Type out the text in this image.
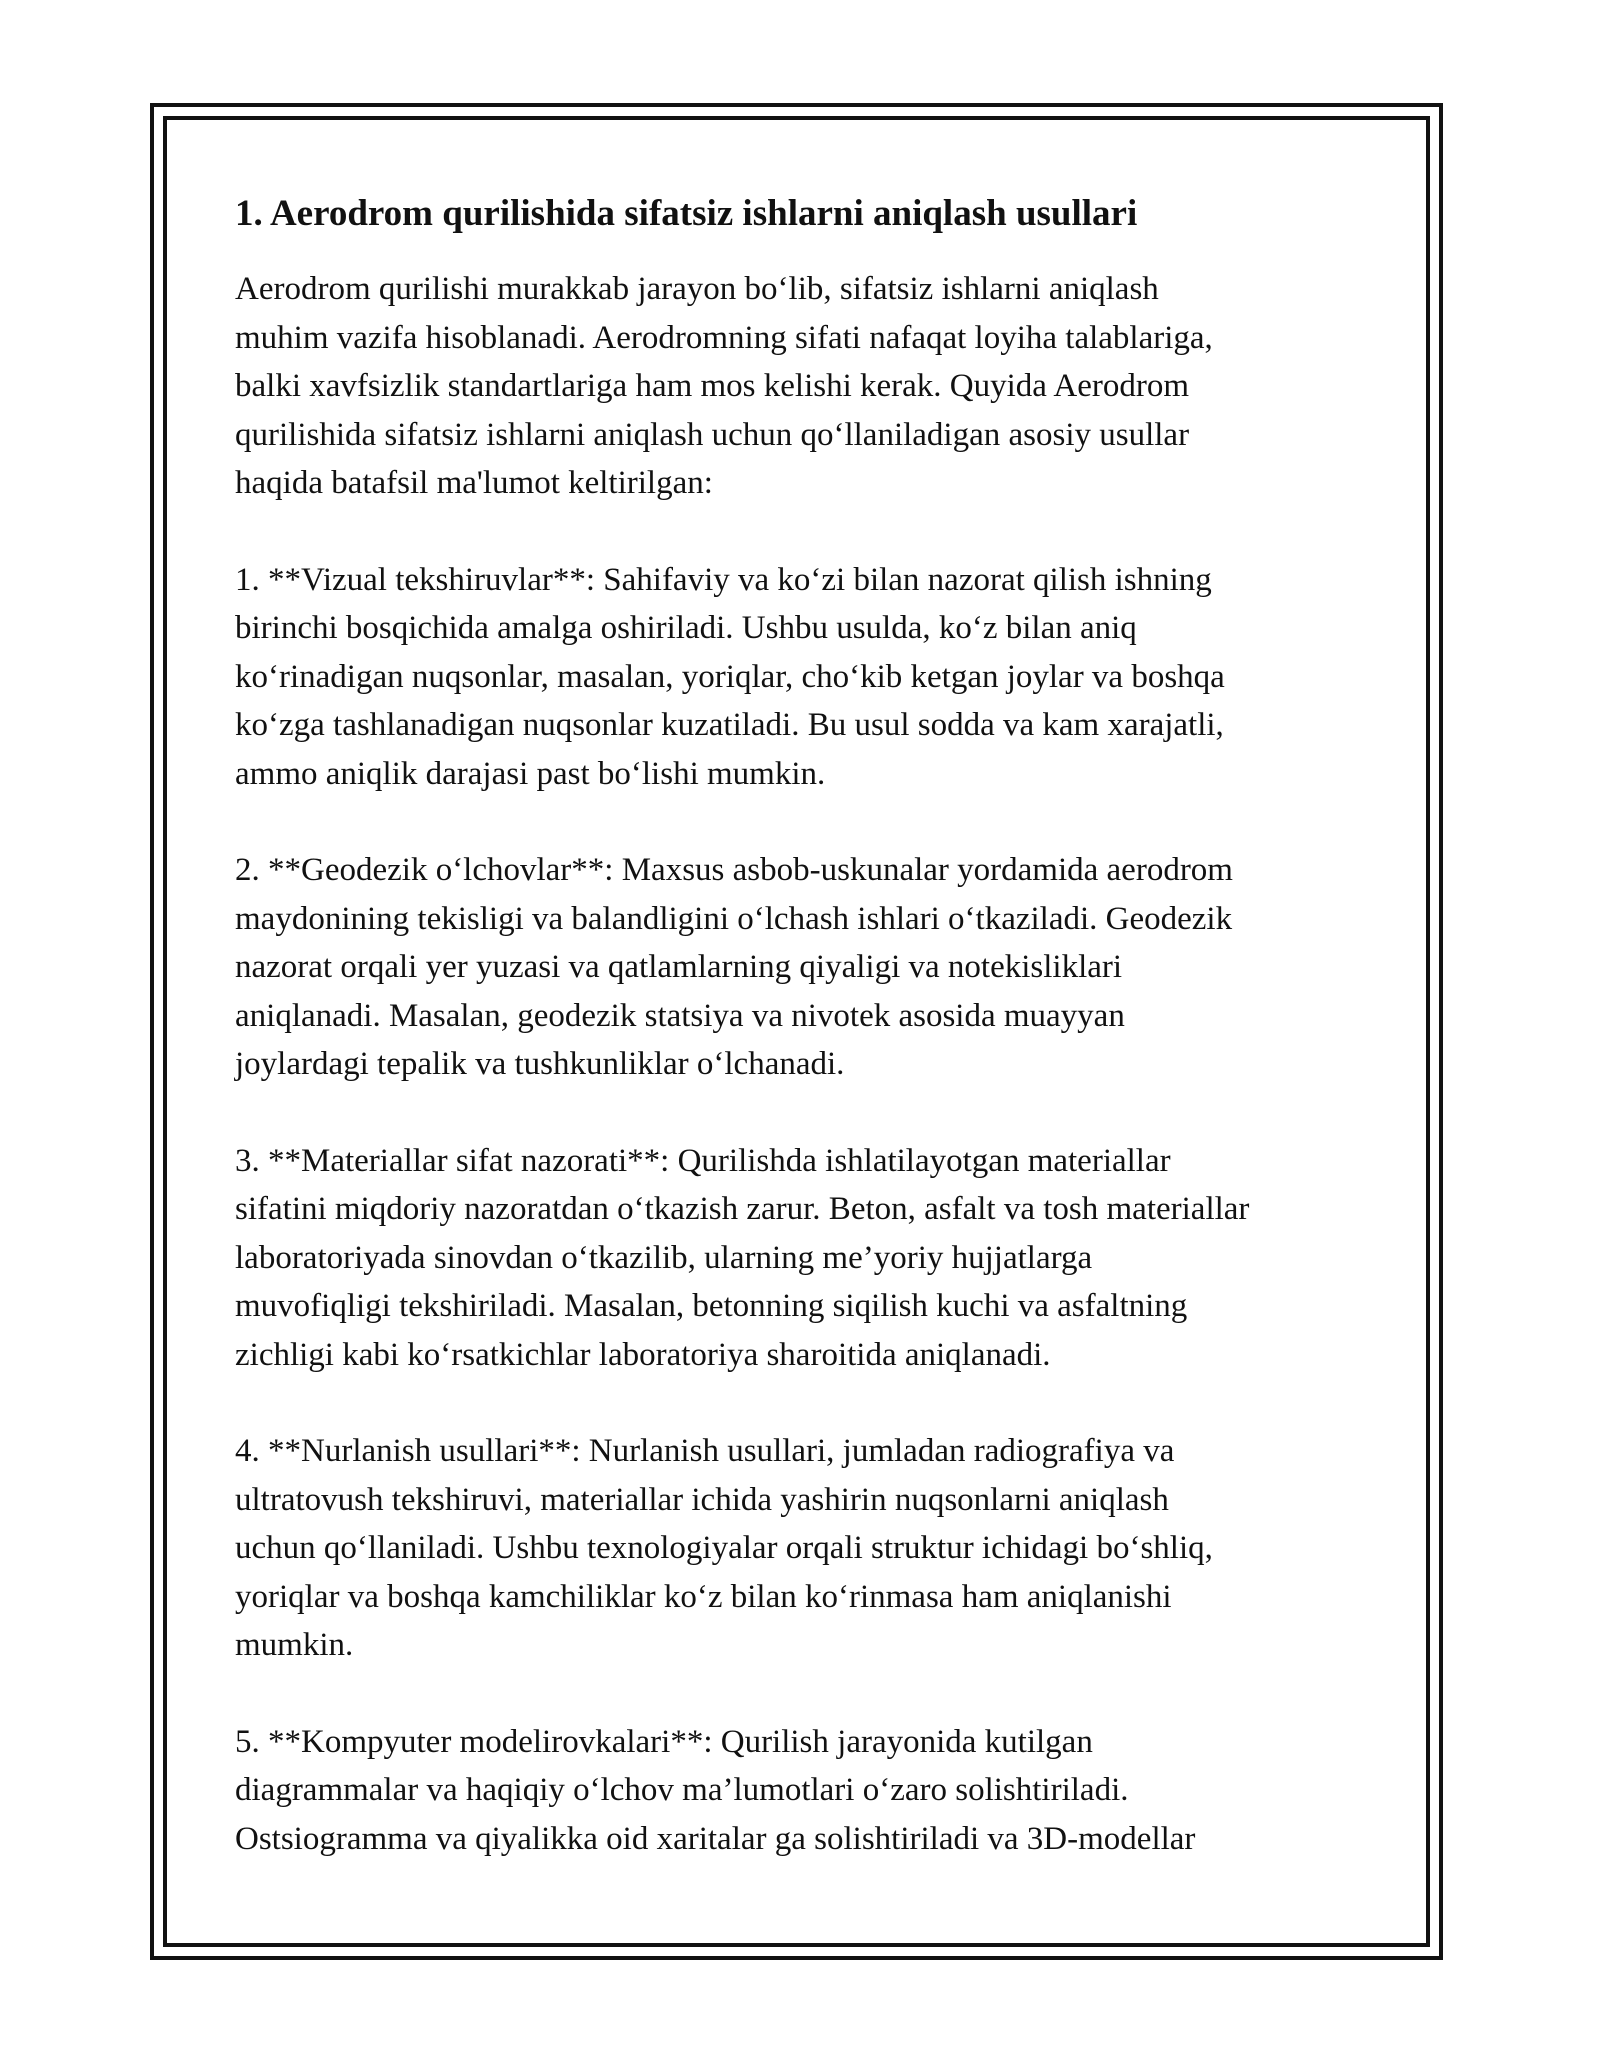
1. Aerodrom qurilishida sifatsiz ishlarni aniqlash usullari

Aerodrom qurilishi murakkab jarayon bo‘lib, sifatsiz ishlarni aniqlash
muhim vazifa hisoblanadi. Aerodromning sifati nafaqat loyiha talablariga,
balki xavfsizlik standartlariga ham mos kelishi kerak. Quyida Aerodrom
qurilishida sifatsiz ishlarni aniqlash uchun qo‘llaniladigan asosiy usullar
haqida batafsil ma'lumot keltirilgan:

1. **Vizual tekshiruvlar**: Sahifaviy va ko‘zi bilan nazorat qilish ishning
birinchi bosqichida amalga oshiriladi. Ushbu usulda, ko‘z bilan aniq
ko‘rinadigan nuqsonlar, masalan, yoriqlar, cho‘kib ketgan joylar va boshqa
ko‘zga tashlanadigan nuqsonlar kuzatiladi. Bu usul sodda va kam xarajatli,
ammo aniqlik darajasi past bo‘lishi mumkin.

2. **Geodezik o‘lchovlar**: Maxsus asbob-uskunalar yordamida aerodrom
maydonining tekisligi va balandligini o‘lchash ishlari o‘tkaziladi. Geodezik
nazorat orqali yer yuzasi va qatlamlarning qiyaligi va notekisliklari
aniqlanadi. Masalan, geodezik statsiya va nivotek asosida muayyan
joylardagi tepalik va tushkunliklar o‘lchanadi.

3. **Materiallar sifat nazorati**: Qurilishda ishlatilayotgan materiallar
sifatini miqdoriy nazoratdan o‘tkazish zarur. Beton, asfalt va tosh materiallar
laboratoriyada sinovdan o‘tkazilib, ularning me’yoriy hujjatlarga
muvofiqligi tekshiriladi. Masalan, betonning siqilish kuchi va asfaltning
zichligi kabi ko‘rsatkichlar laboratoriya sharoitida aniqlanadi.

4. **Nurlanish usullari**: Nurlanish usullari, jumladan radiografiya va
ultratovush tekshiruvi, materiallar ichida yashirin nuqsonlarni aniqlash
uchun qo‘llaniladi. Ushbu texnologiyalar orqali struktur ichidagi bo‘shliq,
yoriqlar va boshqa kamchiliklar ko‘z bilan ko‘rinmasa ham aniqlanishi
mumkin.

5. **Kompyuter modelirovkalari**: Qurilish jarayonida kutilgan
diagrammalar va haqiqiy o‘lchov ma’lumotlari o‘zaro solishtiriladi.
Ostsiogramma va qiyalikka oid xaritalar ga solishtiriladi va 3D-modellar
